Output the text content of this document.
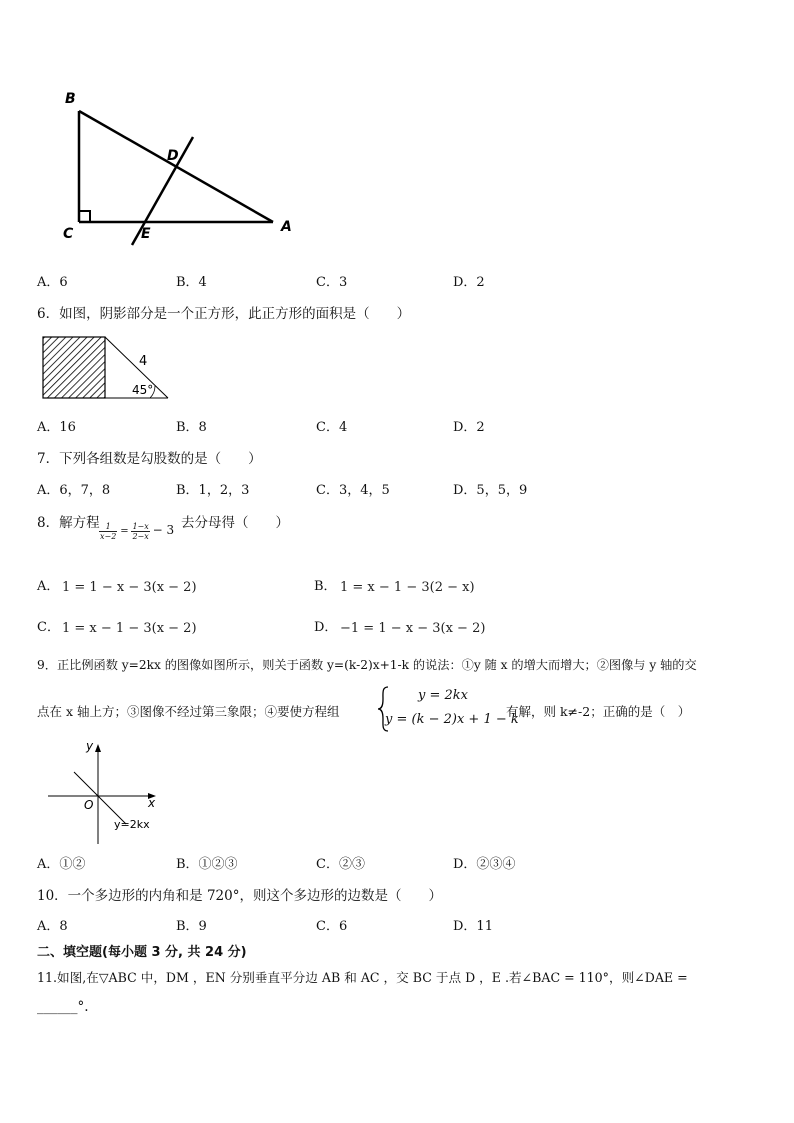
B
C	A
D
E
A．6	B．4	C．3	D．2
6．如图，阴影部分是一个正方形，此正方形的面积是（　　）
4
45°
A．16	B．8	C．4	D．2
7．下列各组数是勾股数的是（　　）
A．6，7，8	B．1，2，3	C．3，4，5	D．5，5，9
8．解方程 $\frac{1}{x-2} = \frac{1-x}{2-x} - 3$ 去分母得（　　）
A． 1 = 1 − x − 3(x − 2)	B． 1 = x − 1 − 3(2 − x)
C． 1 = x − 1 − 3(x − 2)	D． −1 = 1 − x − 3(x − 2)
9．正比例函数 y=2kx 的图像如图所示，则关于函数 y=(k-2)x+1-k 的说法：①y 随 x 的增大而增大；②图像与 y 轴的交
点在 x 轴上方；③图像不经过第三象限；④要使方程组
y = 2kx
y = (k − 2)x + 1 − k
有解，则 k≠-2；正确的是（　）
y
x
O
y=2kx
A．①②	B．①②③	C．②③	D．②③④
10．一个多边形的内角和是 720°，则这个多边形的边数是（　　）
A．8	B．9	C．6	D．11
二、填空题(每小题 3 分, 共 24 分)
11.如图,在▽ABC 中，DM ，EN 分别垂直平分边 AB 和 AC ，交 BC 于点 D ，E .若∠BAC = 110°，则∠DAE =
______°.
